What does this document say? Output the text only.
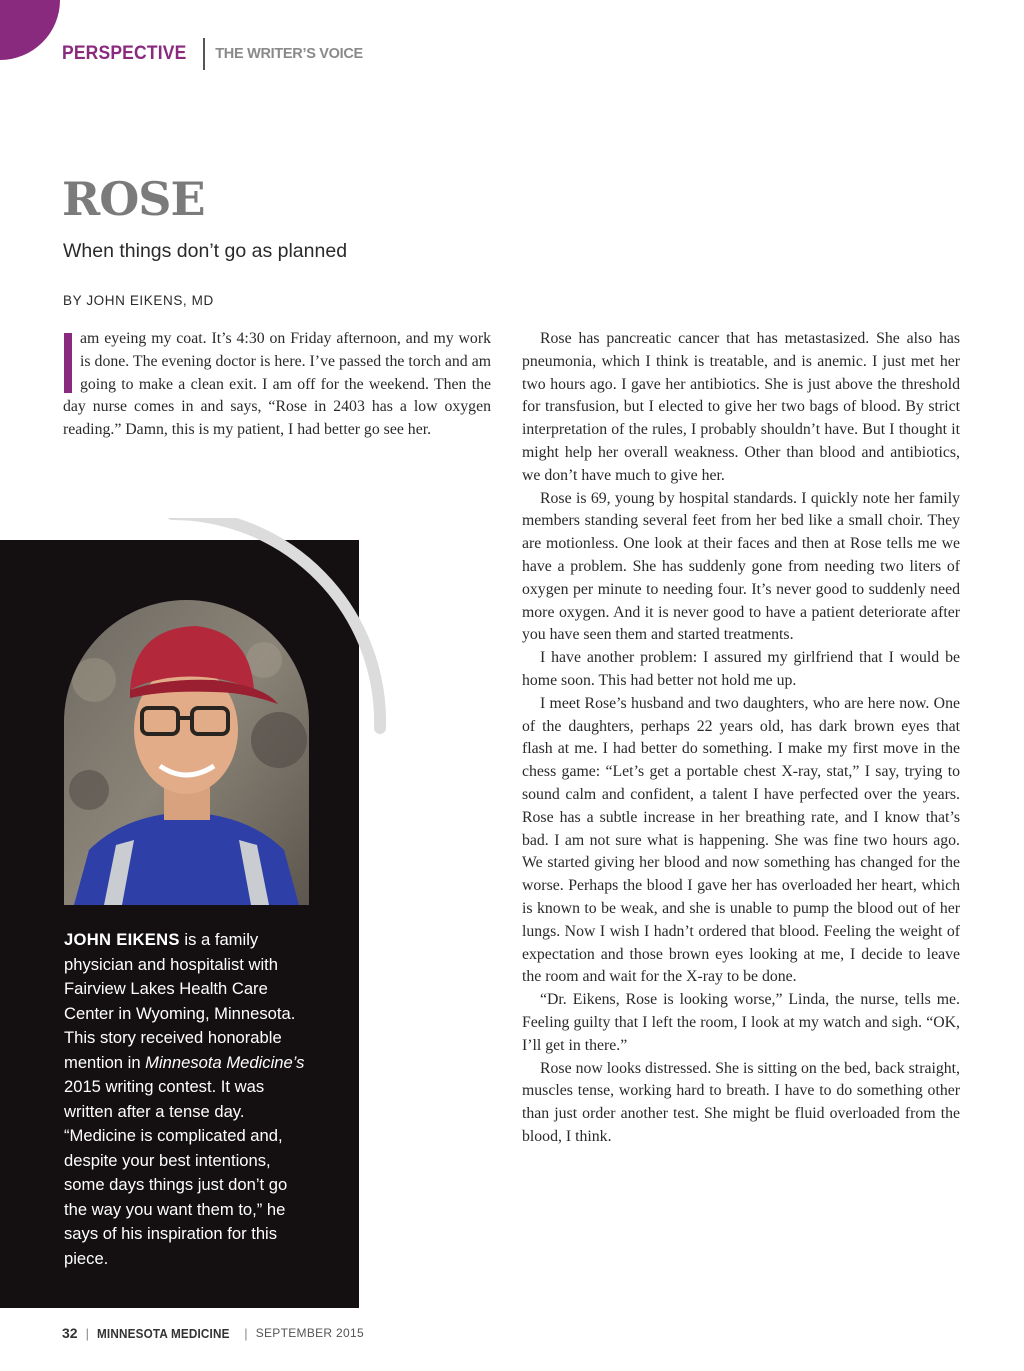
PERSPECTIVE THE WRITER’S VOICE
ROSE
When things don’t go as planned
BY JOHN EIKENS, MD

am eyeing my coat. It’s 4:30 on Friday afternoon, and my work is done. The evening doctor is here. I’ve passed the torch and am going to make a clean exit. I am off for the weekend. Then the day nurse comes in and says, “Rose in 2403 has a low oxygen reading.” Damn, this is my patient, I had better go see her.

Rose has pancreatic cancer that has metastasized. She also has pneumonia, which I think is treatable, and is anemic. I just met her two hours ago. I gave her antibiotics. She is just above the threshold for transfusion, but I elected to give her two bags of blood. By strict interpretation of the rules, I probably shouldn’t have. But I thought it might help her overall weakness. Other than blood and antibiotics, we don’t have much to give her.

Rose is 69, young by hospital standards. I quickly note her family members standing several feet from her bed like a small choir. They are motionless. One look at their faces and then at Rose tells me we have a problem. She has suddenly gone from needing two liters of oxygen per minute to needing four. It’s never good to suddenly need more oxygen. And it is never good to have a patient deteriorate after you have seen them and started treatments.

I have another problem: I assured my girlfriend that I would be home soon. This had better not hold me up.

I meet Rose’s husband and two daughters, who are here now. One of the daughters, perhaps 22 years old, has dark brown eyes that flash at me. I had better do something. I make my first move in the chess game: “Let’s get a portable chest X-ray, stat,” I say, trying to sound calm and confident, a talent I have perfected over the years. Rose has a subtle increase in her breathing rate, and I know that’s bad. I am not sure what is happening. She was fine two hours ago. We started giving her blood and now something has changed for the worse. Perhaps the blood I gave her has overloaded her heart, which is known to be weak, and she is unable to pump the blood out of her lungs. Now I wish I hadn’t ordered that blood. Feeling the weight of expectation and those brown eyes looking at me, I decide to leave the room and wait for the X-ray to be done.

“Dr. Eikens, Rose is looking worse,” Linda, the nurse, tells me. Feeling guilty that I left the room, I look at my watch and sigh. “OK, I’ll get in there.”

Rose now looks distressed. She is sitting on the bed, back straight, muscles tense, working hard to breath. I have to do something other than just order another test. She might be fluid overloaded from the blood, I think.

JOHN EIKENS is a family physician and hospitalist with Fairview Lakes Health Care Center in Wyoming, Minnesota. This story received honorable mention in Minnesota Medicine’s 2015 writing contest. It was written after a tense day. “Medicine is complicated and, despite your best intentions, some days things just don’t go the way you want them to,” he says of his inspiration for this piece.

32 | MINNESOTA MEDICINE | SEPTEMBER 2015
